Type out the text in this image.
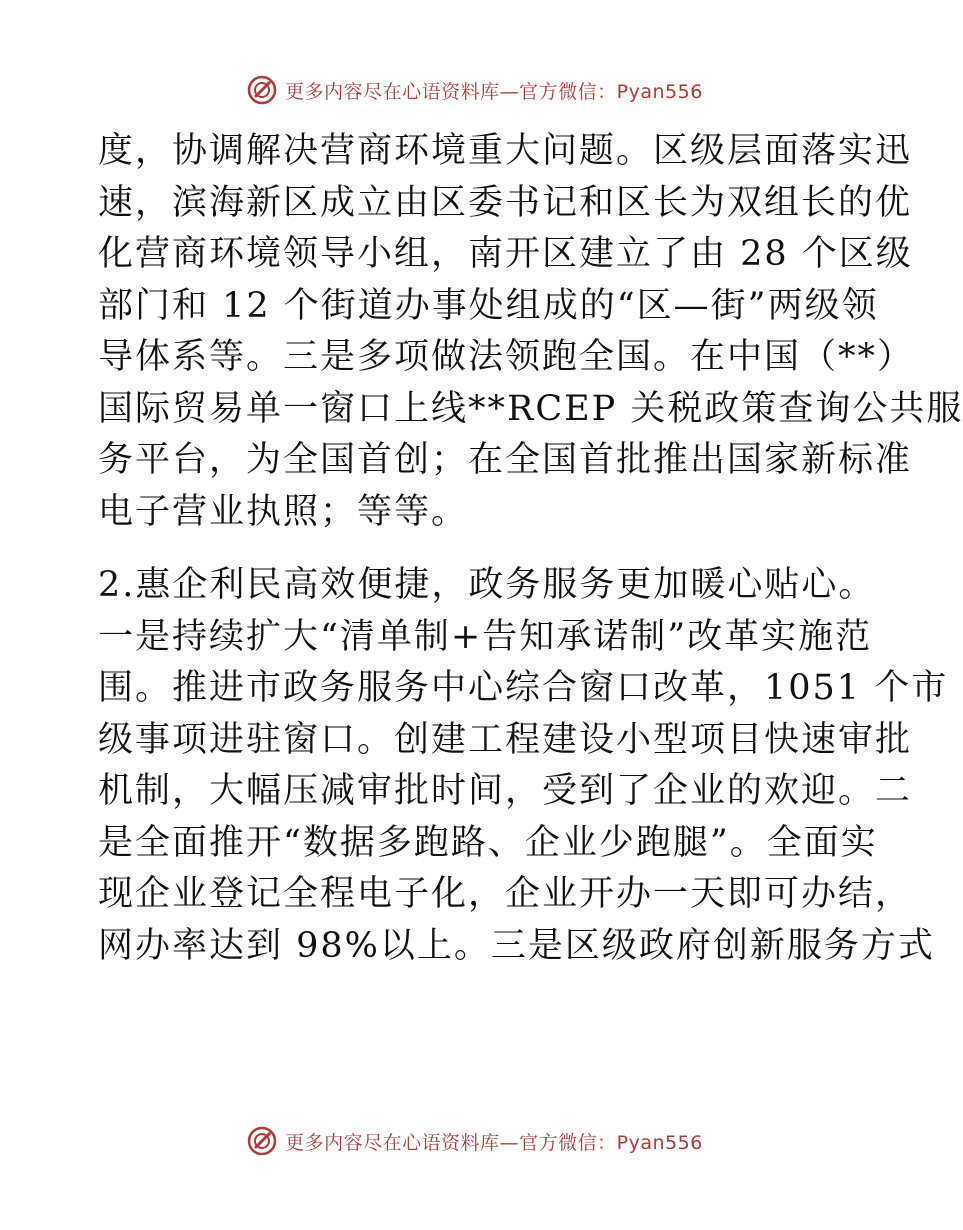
更多内容尽在心语资料库—官方微信：Pyan556
度，协调解决营商环境重大问题。区级层面落实迅
速，滨海新区成立由区委书记和区长为双组长的优
化营商环境领导小组，南开区建立了由 28 个区级
部门和 12 个街道办事处组成的“区—街”两级领
导体系等。三是多项做法领跑全国。在中国（**）
国际贸易单一窗口上线**RCEP 关税政策查询公共服
务平台，为全国首创；在全国首批推出国家新标准
电子营业执照；等等。
2.惠企利民高效便捷，政务服务更加暖心贴心。
一是持续扩大“清单制+告知承诺制”改革实施范
围。推进市政务服务中心综合窗口改革，1051 个市
级事项进驻窗口。创建工程建设小型项目快速审批
机制，大幅压减审批时间，受到了企业的欢迎。二
是全面推开“数据多跑路、企业少跑腿”。全面实
现企业登记全程电子化，企业开办一天即可办结，
网办率达到 98%以上。三是区级政府创新服务方式
更多内容尽在心语资料库—官方微信：Pyan556
